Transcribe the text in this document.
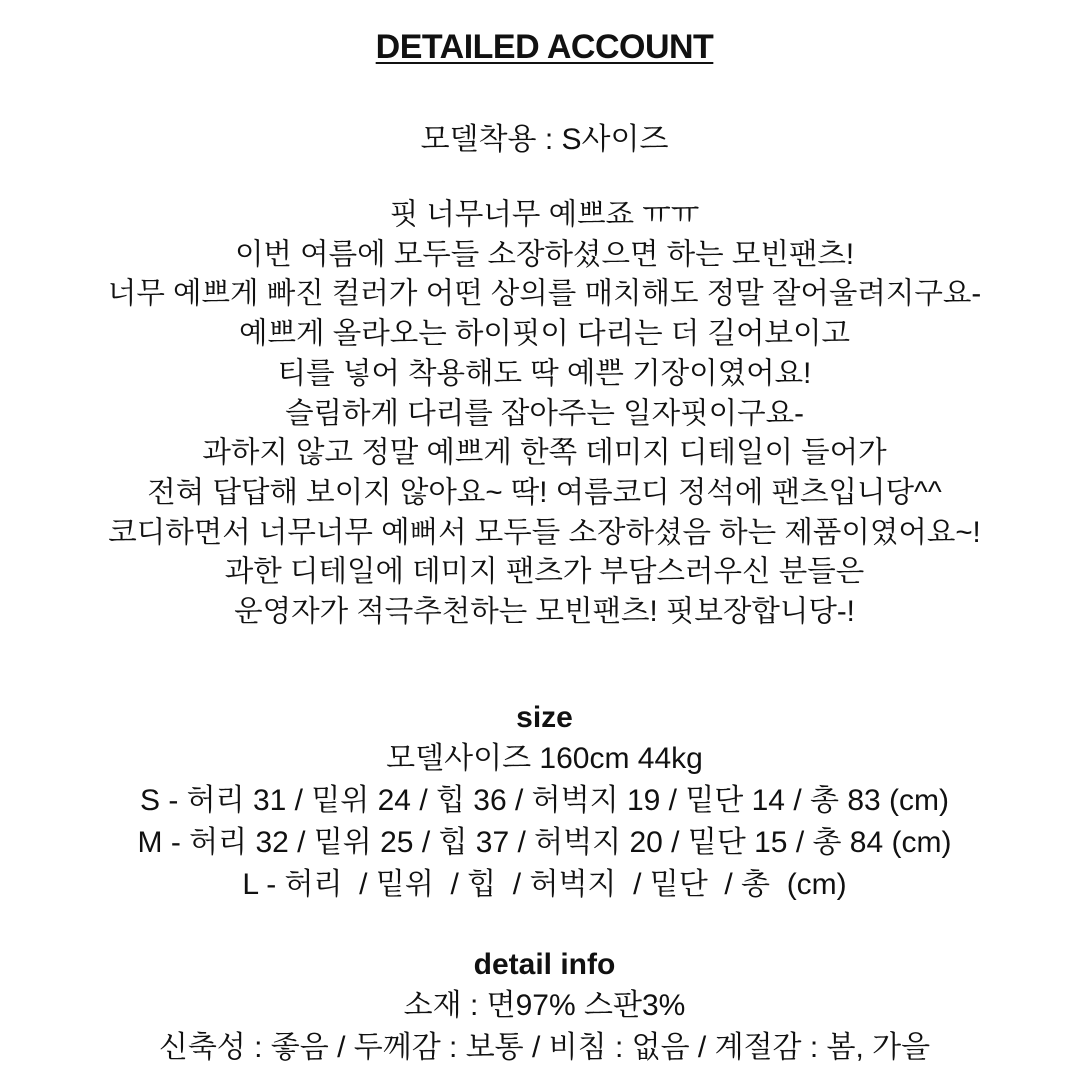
DETAILED ACCOUNT
모델착용 : S사이즈
핏 너무너무 예쁘죠 ㅠㅠ
이번 여름에 모두들 소장하셨으면 하는 모빈팬츠!
너무 예쁘게 빠진 컬러가 어떤 상의를 매치해도 정말 잘어울려지구요-
예쁘게 올라오는 하이핏이 다리는 더 길어보이고
티를 넣어 착용해도 딱 예쁜 기장이였어요!
슬림하게 다리를 잡아주는 일자핏이구요-
과하지 않고 정말 예쁘게 한쪽 데미지 디테일이 들어가
전혀 답답해 보이지 않아요~ 딱! 여름코디 정석에 팬츠입니당^^
코디하면서 너무너무 예뻐서 모두들 소장하셨음 하는 제품이였어요~!
과한 디테일에 데미지 팬츠가 부담스러우신 분들은
운영자가 적극추천하는 모빈팬츠! 핏보장합니당-!
size
모델사이즈 160cm 44kg
S - 허리 31 / 밑위 24 / 힙 36 / 허벅지 19 / 밑단 14 / 총 83 (cm)
M - 허리 32 / 밑위 25 / 힙 37 / 허벅지 20 / 밑단 15 / 총 84 (cm)
L - 허리  / 밑위  / 힙  / 허벅지  / 밑단  / 총  (cm)
detail info
소재 : 면97% 스판3%
신축성 : 좋음 / 두께감 : 보통 / 비침 : 없음 / 계절감 : 봄, 가을
